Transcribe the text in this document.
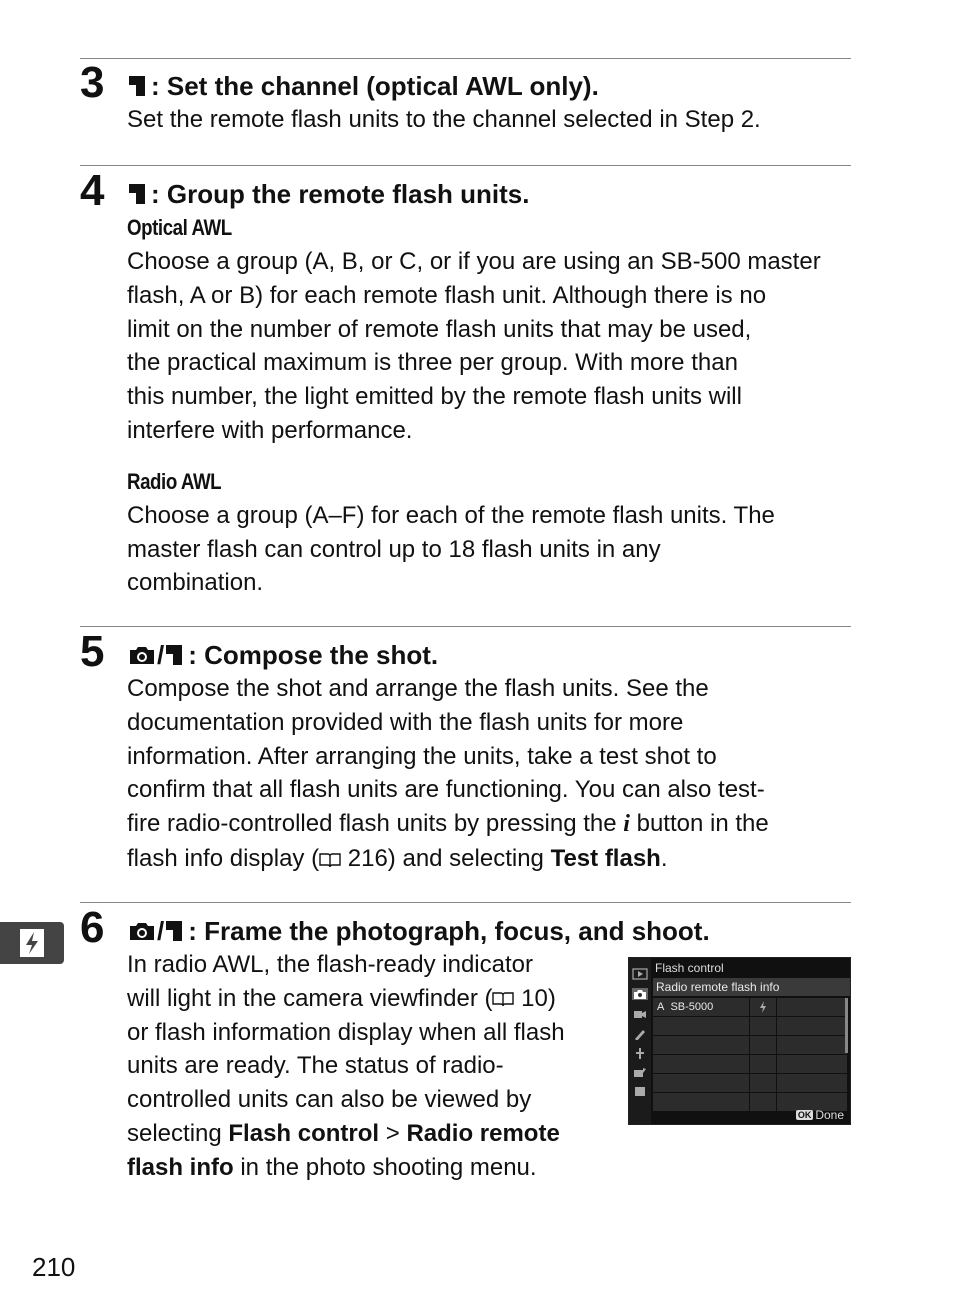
3 : Set the channel (optical AWL only).
Set the remote flash units to the channel selected in Step 2.
4 : Group the remote flash units.
Optical AWL
Choose a group (A, B, or C, or if you are using an SB-500 master
flash, A or B) for each remote flash unit. Although there is no
limit on the number of remote flash units that may be used,
the practical maximum is three per group. With more than
this number, the light emitted by the remote flash units will
interfere with performance.
Radio AWL
Choose a group (A–F) for each of the remote flash units. The
master flash can control up to 18 flash units in any
combination.
5 / : Compose the shot.
Compose the shot and arrange the flash units. See the
documentation provided with the flash units for more
information. After arranging the units, take a test shot to
confirm that all flash units are functioning. You can also test-
fire radio-controlled flash units by pressing the i button in the
flash info display ( 216) and selecting Test flash.
6 / : Frame the photograph, focus, and shoot.
In radio AWL, the flash-ready indicator
will light in the camera viewfinder ( 10)
or flash information display when all flash
units are ready. The status of radio-
controlled units can also be viewed by
selecting Flash control > Radio remote
flash info in the photo shooting menu.
Flash control
Radio remote flash info
A SB-5000
OK Done
210
